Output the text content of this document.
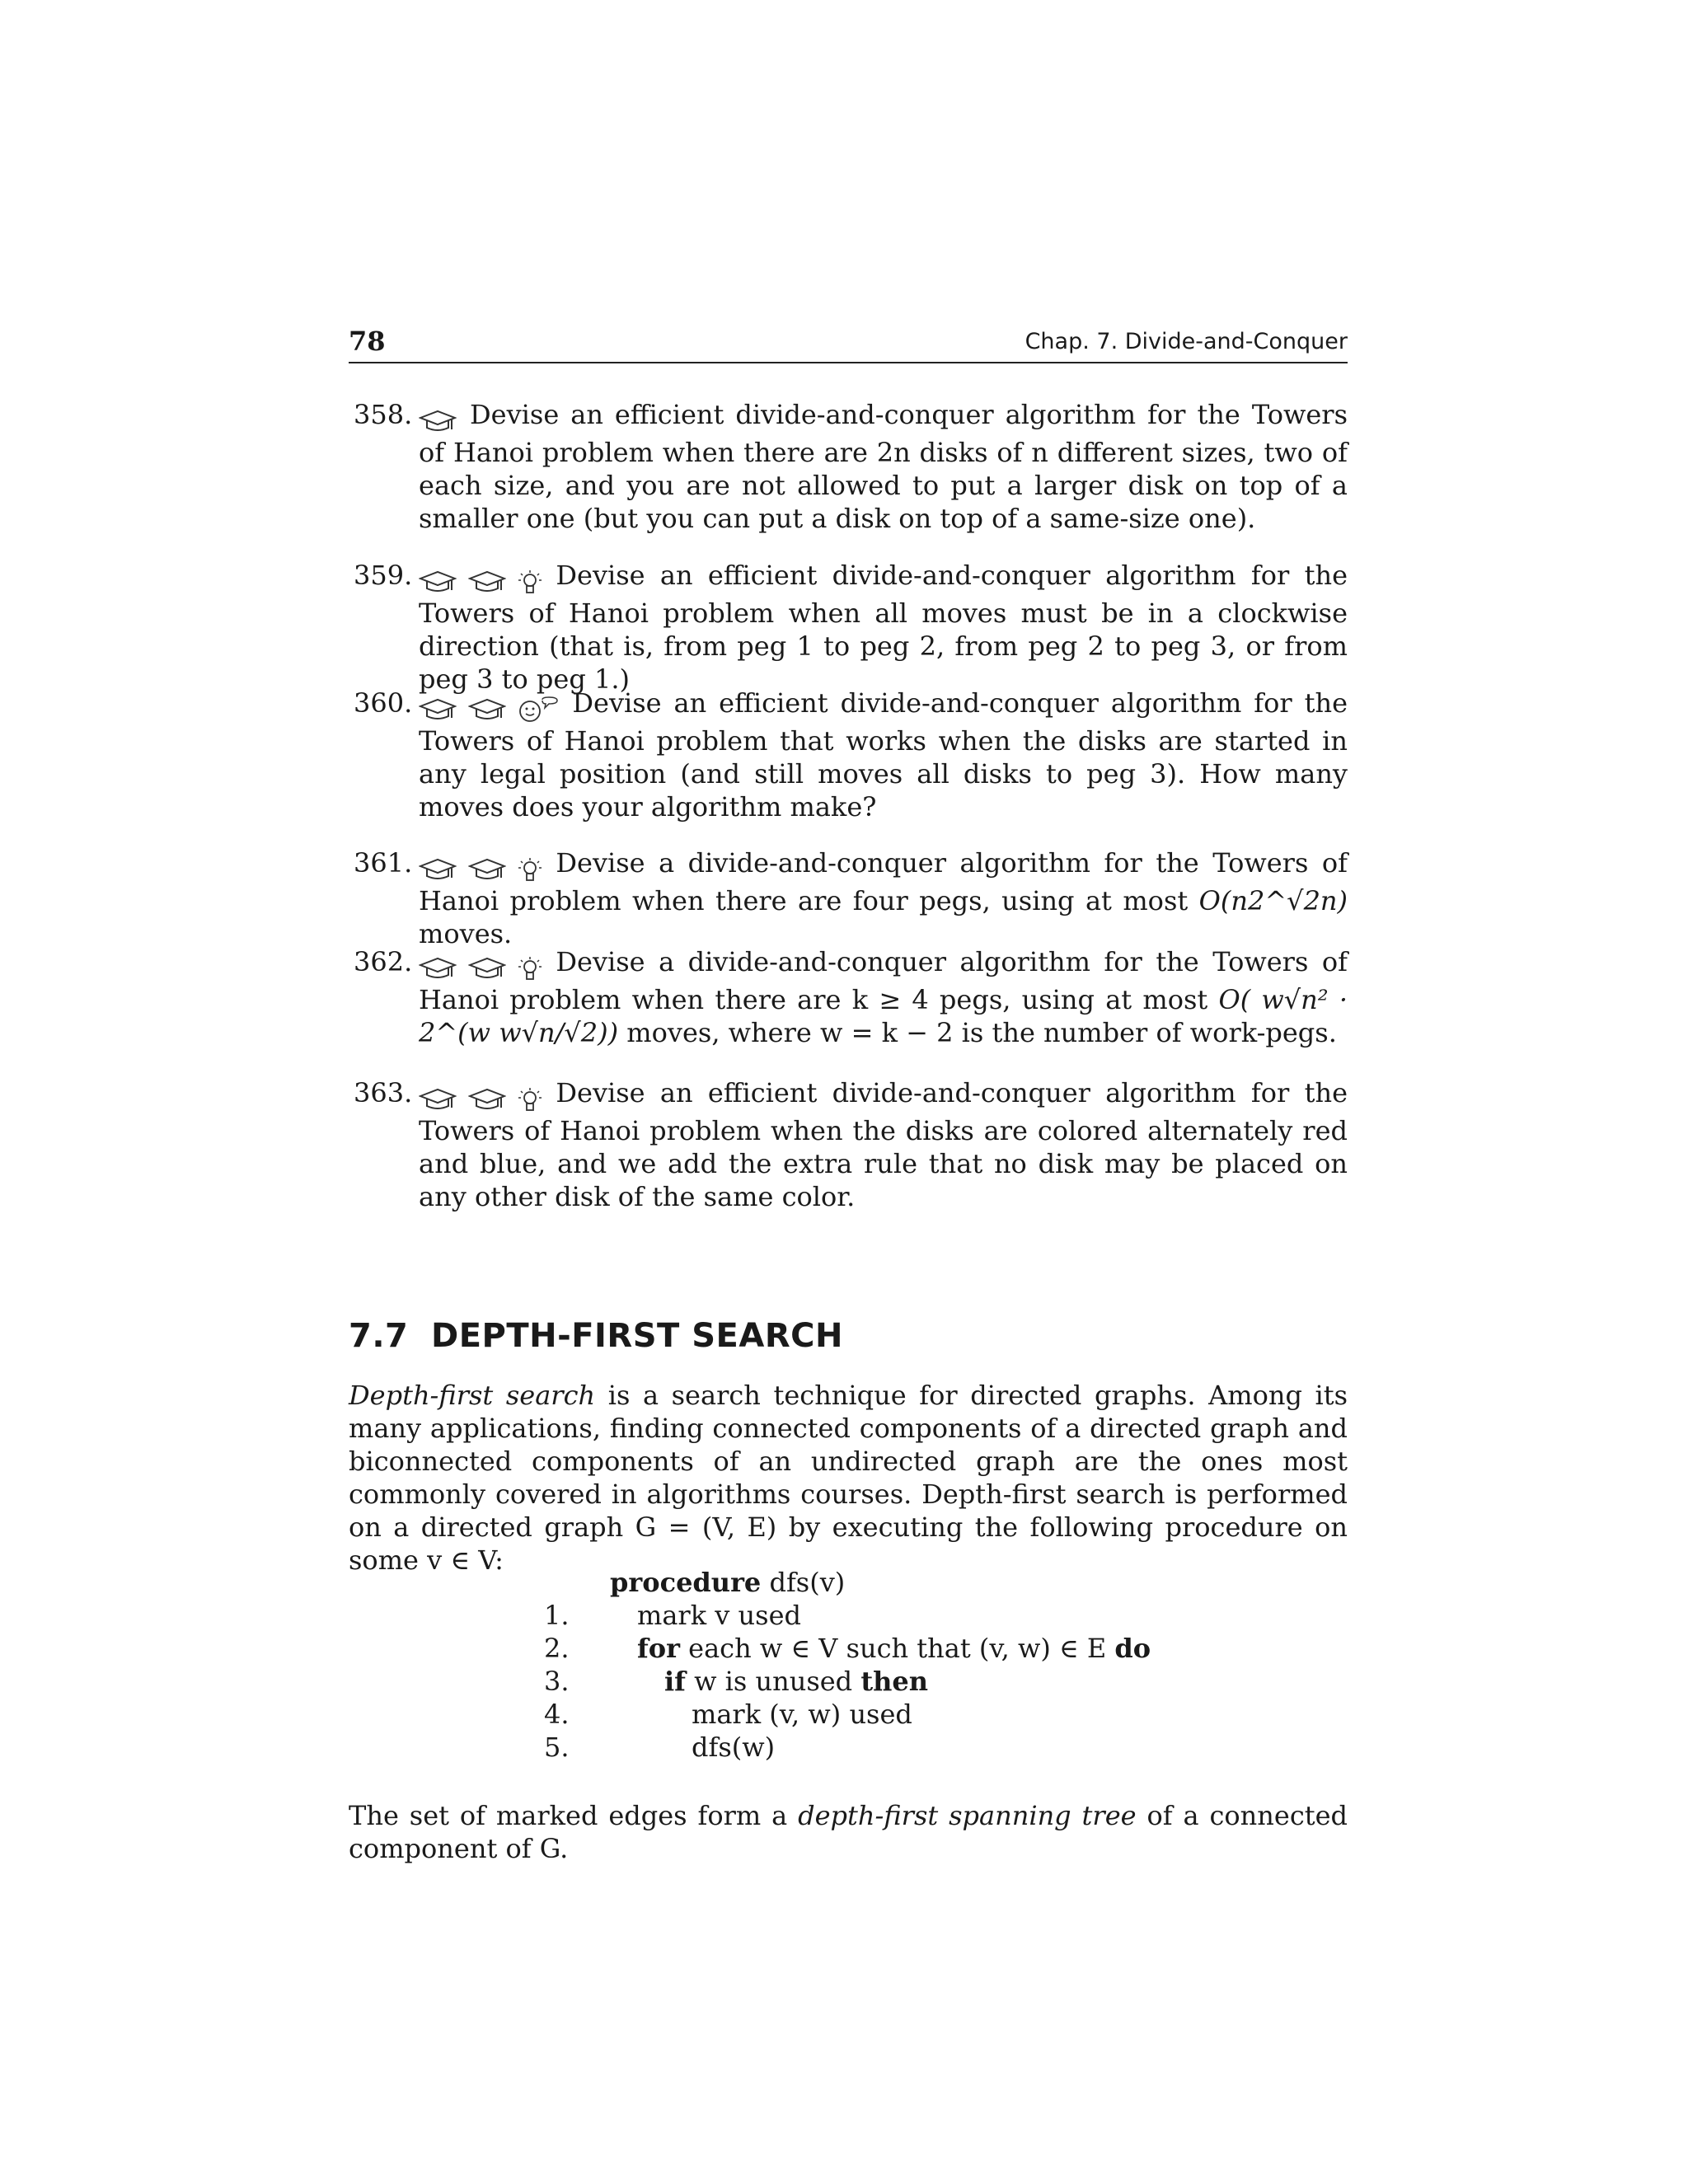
78	Chap. 7. Divide-and-Conquer
358.	Devise an efficient divide-and-conquer algorithm for the Towers of Hanoi problem when there are 2n disks of n different sizes, two of each size, and you are not allowed to put a larger disk on top of a smaller one (but you can put a disk on top of a same-size one).
359.	Devise an efficient divide-and-conquer algorithm for the Towers of Hanoi problem when all moves must be in a clockwise direction (that is, from peg 1 to peg 2, from peg 2 to peg 3, or from peg 3 to peg 1.)
360.	Devise an efficient divide-and-conquer algorithm for the Towers of Hanoi problem that works when the disks are started in any legal position (and still moves all disks to peg 3). How many moves does your algorithm make?
361.	Devise a divide-and-conquer algorithm for the Towers of Hanoi problem when there are four pegs, using at most O(n2^√2n) moves.
362.	Devise a divide-and-conquer algorithm for the Towers of Hanoi problem when there are k ≥ 4 pegs, using at most O( w√n² · 2^(w w√n/√2)) moves, where w = k − 2 is the number of work-pegs.
363.	Devise an efficient divide-and-conquer algorithm for the Towers of Hanoi problem when the disks are colored alternately red and blue, and we add the extra rule that no disk may be placed on any other disk of the same color.
7.7 DEPTH-FIRST SEARCH
Depth-first search is a search technique for directed graphs. Among its many applications, finding connected components of a directed graph and biconnected components of an undirected graph are the ones most commonly covered in algorithms courses. Depth-first search is performed on a directed graph G = (V, E) by executing the following procedure on some v ∈ V:
procedure dfs(v)
1.	mark v used
2.	for each w ∈ V such that (v, w) ∈ E do
3.	if w is unused then
4.	mark (v, w) used
5.	dfs(w)
The set of marked edges form a depth-first spanning tree of a connected component of G.
